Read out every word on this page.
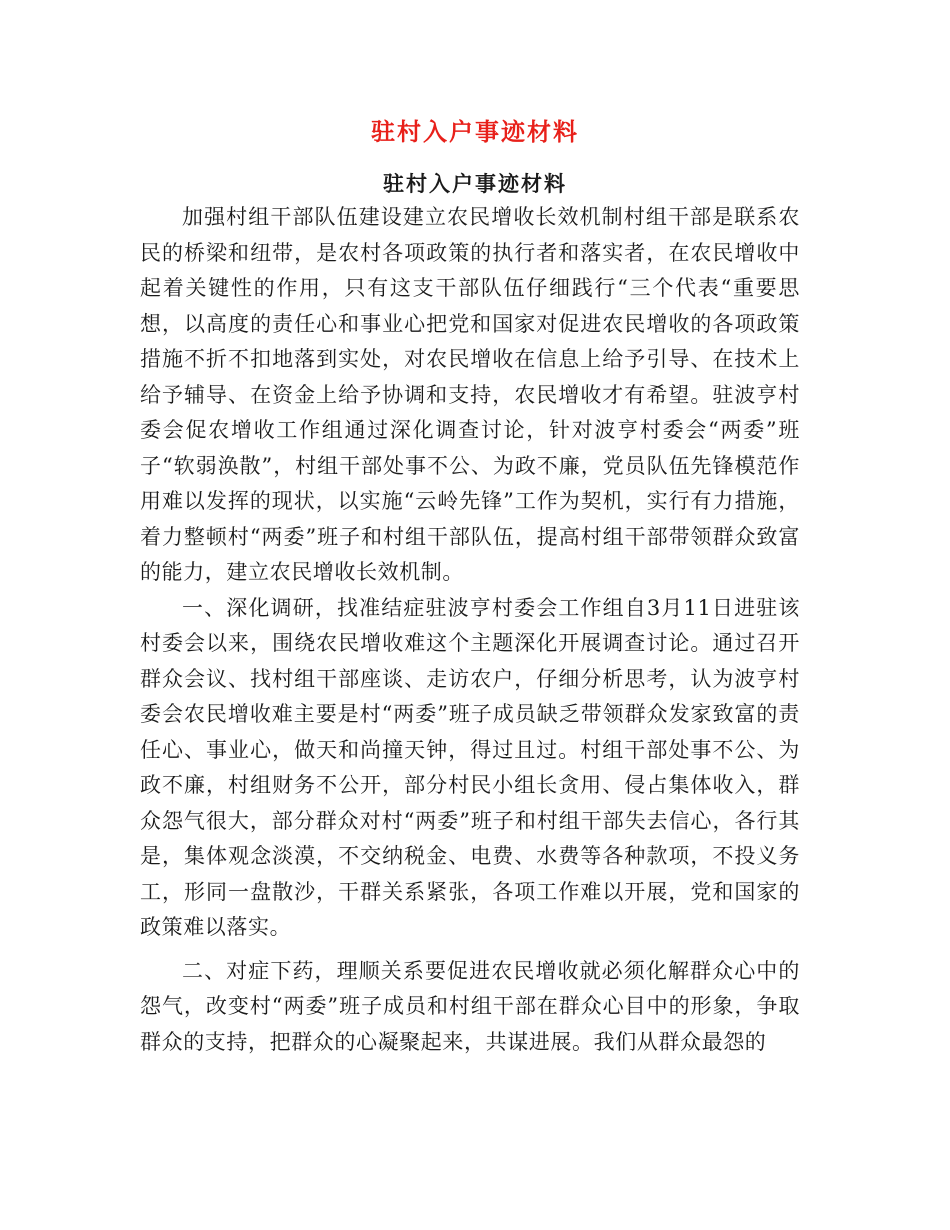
驻村入户事迹材料
驻村入户事迹材料

加强村组干部队伍建设建立农民增收长效机制村组干部是联系农民的桥梁和纽带，是农村各项政策的执行者和落实者，在农民增收中起着关键性的作用，只有这支干部队伍仔细践行“三个代表“重要思想，以高度的责任心和事业心把党和国家对促进农民增收的各项政策措施不折不扣地落到实处，对农民增收在信息上给予引导、在技术上给予辅导、在资金上给予协调和支持，农民增收才有希望。驻波亨村委会促农增收工作组通过深化调查讨论，针对波亨村委会“两委”班子“软弱涣散”，村组干部处事不公、为政不廉，党员队伍先锋模范作用难以发挥的现状，以实施“云岭先锋”工作为契机，实行有力措施，着力整顿村“两委”班子和村组干部队伍，提高村组干部带领群众致富的能力，建立农民增收长效机制。

一、深化调研，找准结症驻波亨村委会工作组自3月11日进驻该村委会以来，围绕农民增收难这个主题深化开展调查讨论。通过召开群众会议、找村组干部座谈、走访农户，仔细分析思考，认为波亨村委会农民增收难主要是村“两委”班子成员缺乏带领群众发家致富的责任心、事业心，做天和尚撞天钟，得过且过。村组干部处事不公、为政不廉，村组财务不公开，部分村民小组长贪用、侵占集体收入，群众怨气很大，部分群众对村“两委”班子和村组干部失去信心，各行其是，集体观念淡漠，不交纳税金、电费、水费等各种款项，不投义务工，形同一盘散沙，干群关系紧张，各项工作难以开展，党和国家的政策难以落实。

二、对症下药，理顺关系要促进农民增收就必须化解群众心中的怨气，改变村“两委”班子成员和村组干部在群众心目中的形象，争取群众的支持，把群众的心凝聚起来，共谋进展。我们从群众最怨的
